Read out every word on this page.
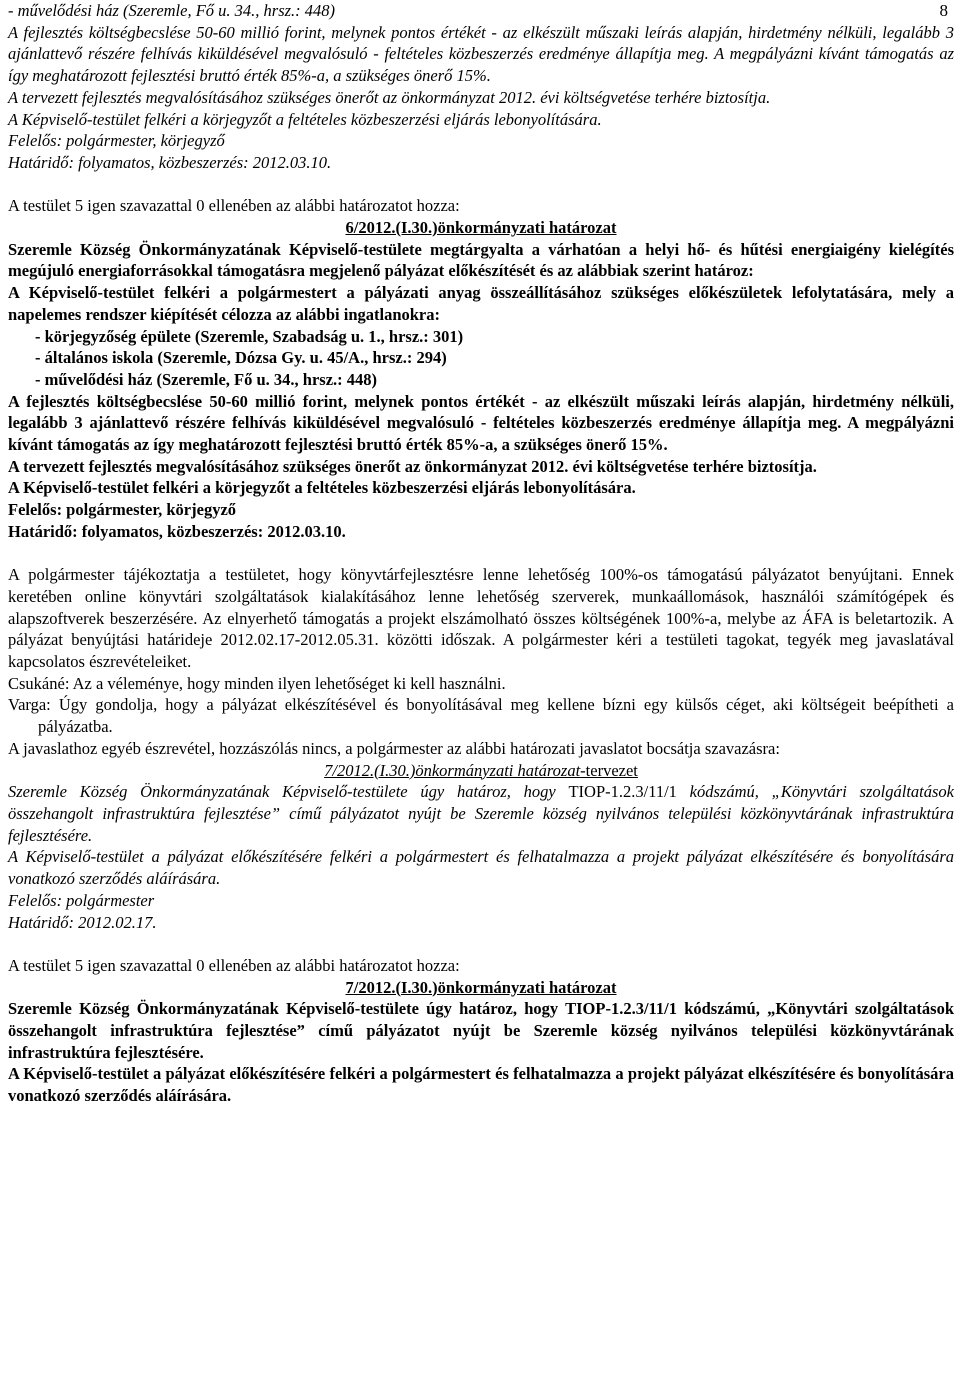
8

- művelődési ház (Szeremle, Fő u. 34., hrsz.: 448)

A fejlesztés költségbecslése 50-60 millió forint, melynek pontos értékét - az elkészült műszaki leírás alapján, hirdetmény nélküli, legalább 3 ajánlattevő részére felhívás kiküldésével megvalósuló - feltételes közbeszerzés eredménye állapítja meg. A megpályázni kívánt támogatás az így meghatározott fejlesztési bruttó érték 85%-a, a szükséges önerő 15%.

A tervezett fejlesztés megvalósításához szükséges önerőt az önkormányzat 2012. évi költségvetése terhére biztosítja.

A Képviselő-testület felkéri a körjegyzőt a feltételes közbeszerzési eljárás lebonyolítására.

Felelős: polgármester, körjegyző

Határidő: folyamatos, közbeszerzés: 2012.03.10.

A testület 5 igen szavazattal 0 ellenében az alábbi határozatot hozza:

6/2012.(I.30.)önkormányzati határozat

Szeremle Község Önkormányzatának Képviselő-testülete megtárgyalta a várhatóan a helyi hő- és hűtési energiaigény kielégítés megújuló energiaforrásokkal támogatásra megjelenő pályázat előkészítését és az alábbiak szerint határoz:

A Képviselő-testület felkéri a polgármestert a pályázati anyag összeállításához szükséges előkészületek lefolytatására, mely a napelemes rendszer kiépítését célozza az alábbi ingatlanokra:

- körjegyzőség épülete (Szeremle, Szabadság u. 1., hrsz.: 301)

- általános iskola (Szeremle, Dózsa Gy. u. 45/A., hrsz.: 294)

- művelődési ház (Szeremle, Fő u. 34., hrsz.: 448)

A fejlesztés költségbecslése 50-60 millió forint, melynek pontos értékét - az elkészült műszaki leírás alapján, hirdetmény nélküli, legalább 3 ajánlattevő részére felhívás kiküldésével megvalósuló - feltételes közbeszerzés eredménye állapítja meg. A megpályázni kívánt támogatás az így meghatározott fejlesztési bruttó érték 85%-a, a szükséges önerő 15%.

A tervezett fejlesztés megvalósításához szükséges önerőt az önkormányzat 2012. évi költségvetése terhére biztosítja.

A Képviselő-testület felkéri a körjegyzőt a feltételes közbeszerzési eljárás lebonyolítására.

Felelős: polgármester, körjegyző

Határidő: folyamatos, közbeszerzés: 2012.03.10.

A polgármester tájékoztatja a testületet, hogy könyvtárfejlesztésre lenne lehetőség 100%-os támogatású pályázatot benyújtani. Ennek keretében online könyvtári szolgáltatások kialakításához lenne lehetőség szerverek, munkaállomások, használói számítógépek és alapszoftverek beszerzésére. Az elnyerhető támogatás a projekt elszámolható összes költségének 100%-a, melybe az ÁFA is beletartozik. A pályázat benyújtási határideje 2012.02.17-2012.05.31. közötti időszak. A polgármester kéri a testületi tagokat, tegyék meg javaslatával kapcsolatos észrevételeiket.

Csukáné: Az a véleménye, hogy minden ilyen lehetőséget ki kell használni.

Varga: Úgy gondolja, hogy a pályázat elkészítésével és bonyolításával meg kellene bízni egy külsős céget, aki költségeit beépítheti a pályázatba.

A javaslathoz egyéb észrevétel, hozzászólás nincs, a polgármester az alábbi határozati javaslatot bocsátja szavazásra:

7/2012.(I.30.)önkormányzati határozat-tervezet

Szeremle Község Önkormányzatának Képviselő-testülete úgy határoz, hogy TIOP-1.2.3/11/1 kódszámú, „Könyvtári szolgáltatások összehangolt infrastruktúra fejlesztése” című pályázatot nyújt be Szeremle község nyilvános települési közkönyvtárának infrastruktúra fejlesztésére.

A Képviselő-testület a pályázat előkészítésére felkéri a polgármestert és felhatalmazza a projekt pályázat elkészítésére és bonyolítására vonatkozó szerződés aláírására.

Felelős: polgármester

Határidő: 2012.02.17.

A testület 5 igen szavazattal 0 ellenében az alábbi határozatot hozza:

7/2012.(I.30.)önkormányzati határozat

Szeremle Község Önkormányzatának Képviselő-testülete úgy határoz, hogy TIOP-1.2.3/11/1 kódszámú, „Könyvtári szolgáltatások összehangolt infrastruktúra fejlesztése” című pályázatot nyújt be Szeremle község nyilvános települési közkönyvtárának infrastruktúra fejlesztésére.

A Képviselő-testület a pályázat előkészítésére felkéri a polgármestert és felhatalmazza a projekt pályázat elkészítésére és bonyolítására vonatkozó szerződés aláírására.
